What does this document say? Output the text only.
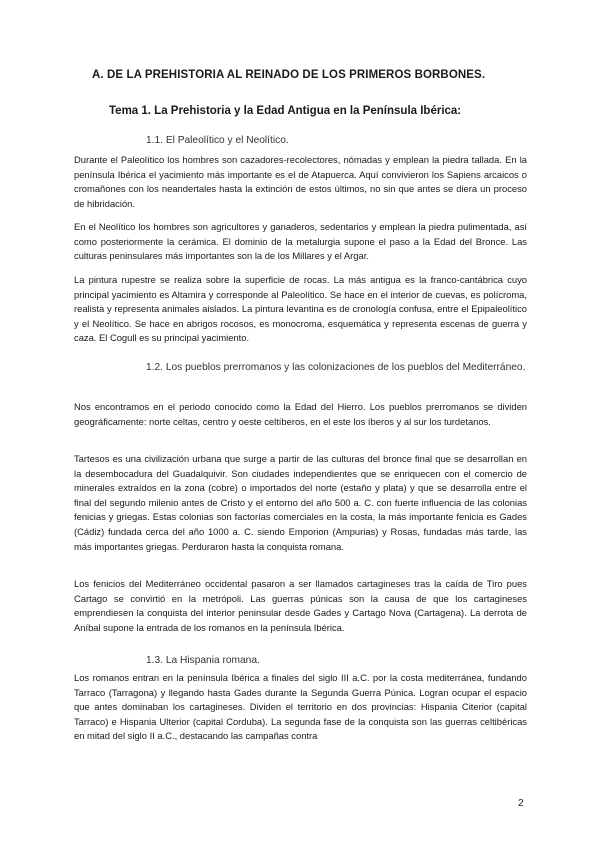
A. DE LA PREHISTORIA AL REINADO DE LOS PRIMEROS BORBONES.
Tema 1. La Prehistoria y la Edad Antigua en la Península Ibérica:
1.1. El Paleolítico y el Neolítico.

Durante el Paleolítico los hombres son cazadores-recolectores, nómadas y emplean la piedra tallada. En la península Ibérica el yacimiento más importante es el de Atapuerca. Aquí convivieron los Sapiens arcaicos o cromañones con los neandertales hasta la extinción de estos últimos, no sin que antes se diera un proceso de hibridación.

En el Neolítico los hombres son agricultores y ganaderos, sedentarios y emplean la piedra pulimentada, así como posteriormente la cerámica. El dominio de la metalurgia supone el paso a la Edad del Bronce. Las culturas peninsulares más importantes son la de los Millares y el Argar.

La pintura rupestre se realiza sobre la superficie de rocas. La más antigua es la franco-cantábrica cuyo principal yacimiento es Altamira y corresponde al Paleolítico. Se hace en el interior de cuevas, es polícroma, realista y representa animales aislados. La pintura levantina es de cronología confusa, entre el Epipaleolítico y el Neolítico. Se hace en abrigos rocosos, es monocroma, esquemática y representa escenas de guerra y caza. El Cogull es su principal yacimiento.

1.2. Los pueblos prerromanos y las colonizaciones de los pueblos del Mediterráneo.

Nos encontramos en el periodo conocido como la Edad del Hierro. Los pueblos prerromanos se dividen geográficamente: norte celtas, centro y oeste celtíberos, en el este los íberos y al sur los turdetanos.

Tartesos es una civilización urbana que surge a partir de las culturas del bronce final que se desarrollan en la desembocadura del Guadalquivir. Son ciudades independientes que se enriquecen con el comercio de minerales extraídos en la zona (cobre) o importados del norte (estaño y plata) y que se desarrolla entre el final del segundo milenio antes de Cristo y el entorno del año 500 a. C. con fuerte influencia de las colonias fenicias y griegas. Estas colonias son factorías comerciales en la costa, la más importante fenicia es Gades (Cádiz) fundada cerca del año 1000 a. C. siendo Emporion (Ampurias) y Rosas, fundadas más tarde, las más importantes griegas. Perduraron hasta la conquista romana.

Los fenicios del Mediterráneo occidental pasaron a ser llamados cartagineses tras la caída de Tiro pues Cartago se convirtió en la metrópoli. Las guerras púnicas son la causa de que los cartagineses emprendiesen la conquista del interior peninsular desde Gades y Cartago Nova (Cartagena). La derrota de Aníbal supone la entrada de los romanos en la península Ibérica.

1.3. La Hispania romana.

Los romanos entran en la península Ibérica a finales del siglo III a.C. por la costa mediterránea, fundando Tarraco (Tarragona) y llegando hasta Gades durante la Segunda Guerra Púnica. Logran ocupar el espacio que antes dominaban los cartagineses. Dividen el territorio en dos provincias: Hispania Citerior (capital Tarraco) e Hispania Ulterior (capital Corduba). La segunda fase de la conquista son las guerras celtibéricas en mitad del siglo II a.C., destacando las campañas contra

2
